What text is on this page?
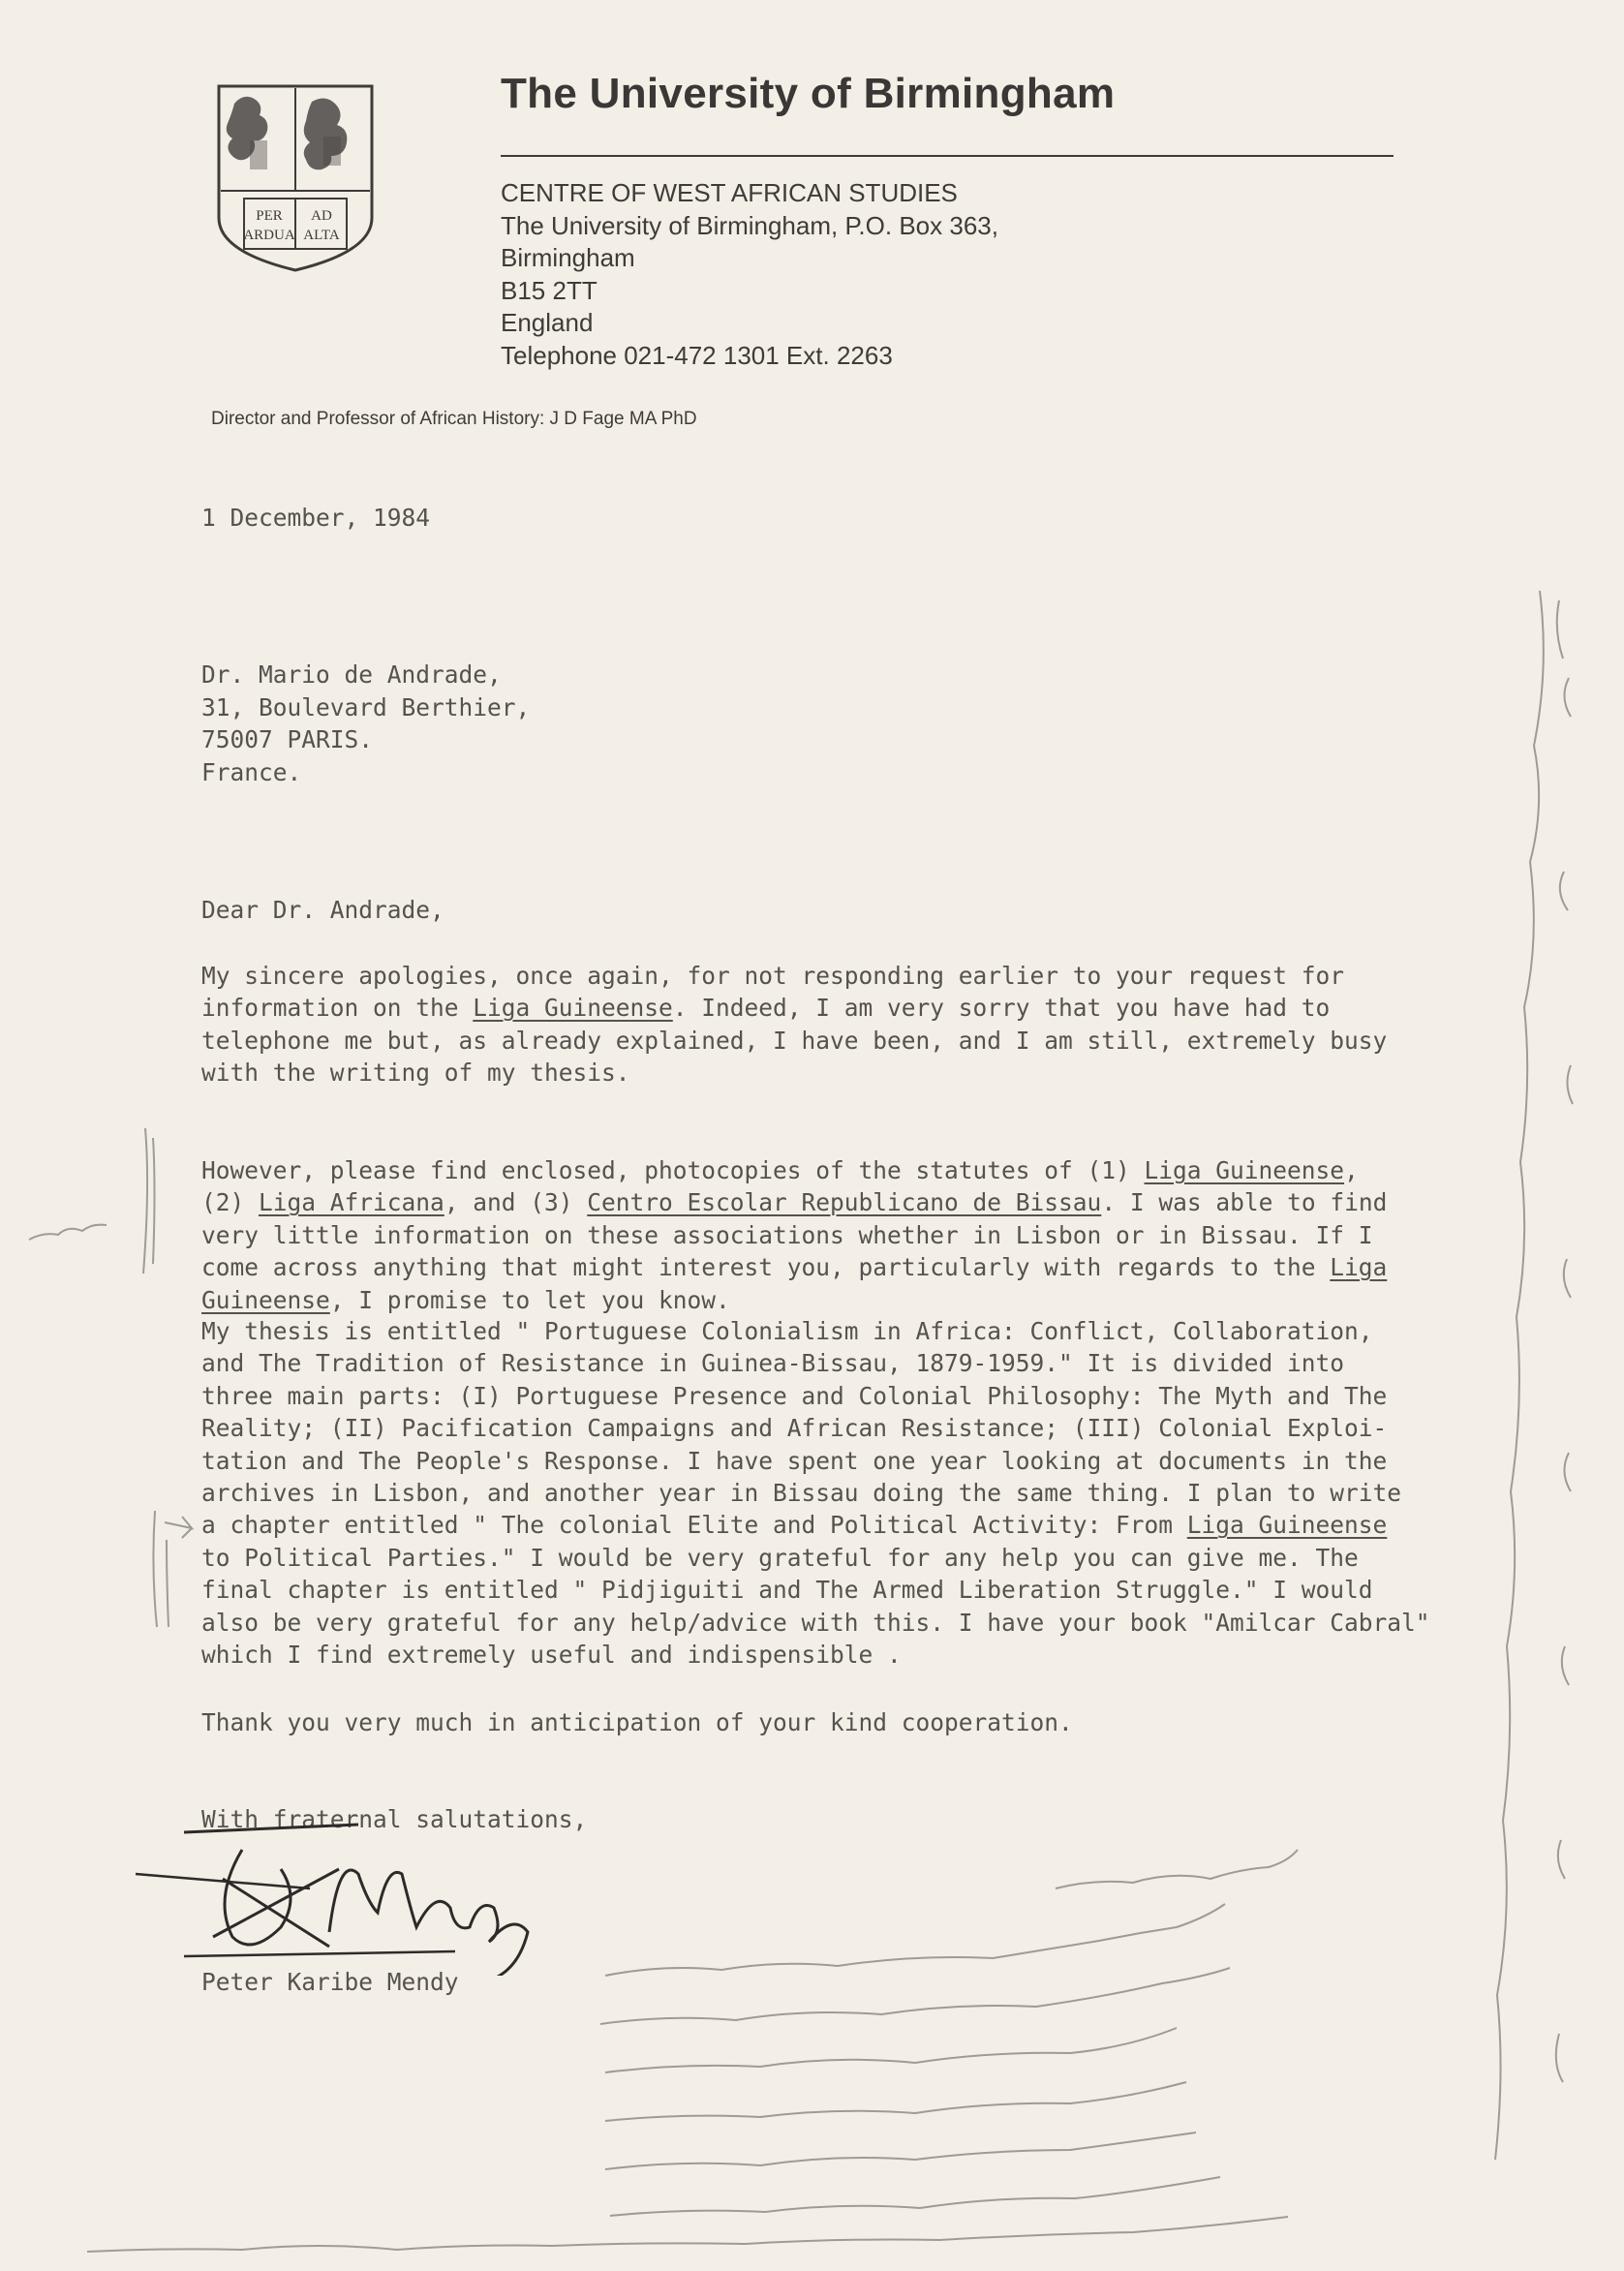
PER
ARDUA
AD
ALTA
The University of Birmingham
CENTRE OF WEST AFRICAN STUDIES
The University of Birmingham, P.O. Box 363,
Birmingham
B15 2TT
England
Telephone 021-472 1301 Ext. 2263
Director and Professor of African History: J D Fage MA PhD
1 December, 1984
Dr. Mario de Andrade,
31, Boulevard Berthier,
75007 PARIS.
France.
Dear Dr. Andrade,
My sincere apologies, once again, for not responding earlier to your request for
information on the Liga Guineense. Indeed, I am very sorry that you have had to
telephone me but, as already explained, I have been, and I am still, extremely busy
with the writing of my thesis.
However, please find enclosed, photocopies of the statutes of (1) Liga Guineense,
(2) Liga Africana, and (3) Centro Escolar Republicano de Bissau. I was able to find
very little information on these associations whether in Lisbon or in Bissau. If I
come across anything that might interest you, particularly with regards to the Liga
Guineense, I promise to let you know.
My thesis is entitled " Portuguese Colonialism in Africa: Conflict, Collaboration,
and The Tradition of Resistance in Guinea-Bissau, 1879-1959." It is divided into
three main parts: (I) Portuguese Presence and Colonial Philosophy: The Myth and The
Reality; (II) Pacification Campaigns and African Resistance; (III) Colonial Exploi-
tation and The People's Response. I have spent one year looking at documents in the
archives in Lisbon, and another year in Bissau doing the same thing. I plan to write
a chapter entitled " The colonial Elite and Political Activity: From Liga Guineense
to Political Parties." I would be very grateful for any help you can give me. The
final chapter is entitled " Pidjiguiti and The Armed Liberation Struggle." I would
also be very grateful for any help/advice with this. I have your book "Amilcar Cabral"
which I find extremely useful and indispensible .
Thank you very much in anticipation of your kind cooperation.
With fraternal salutations,
Peter Karibe Mendy
